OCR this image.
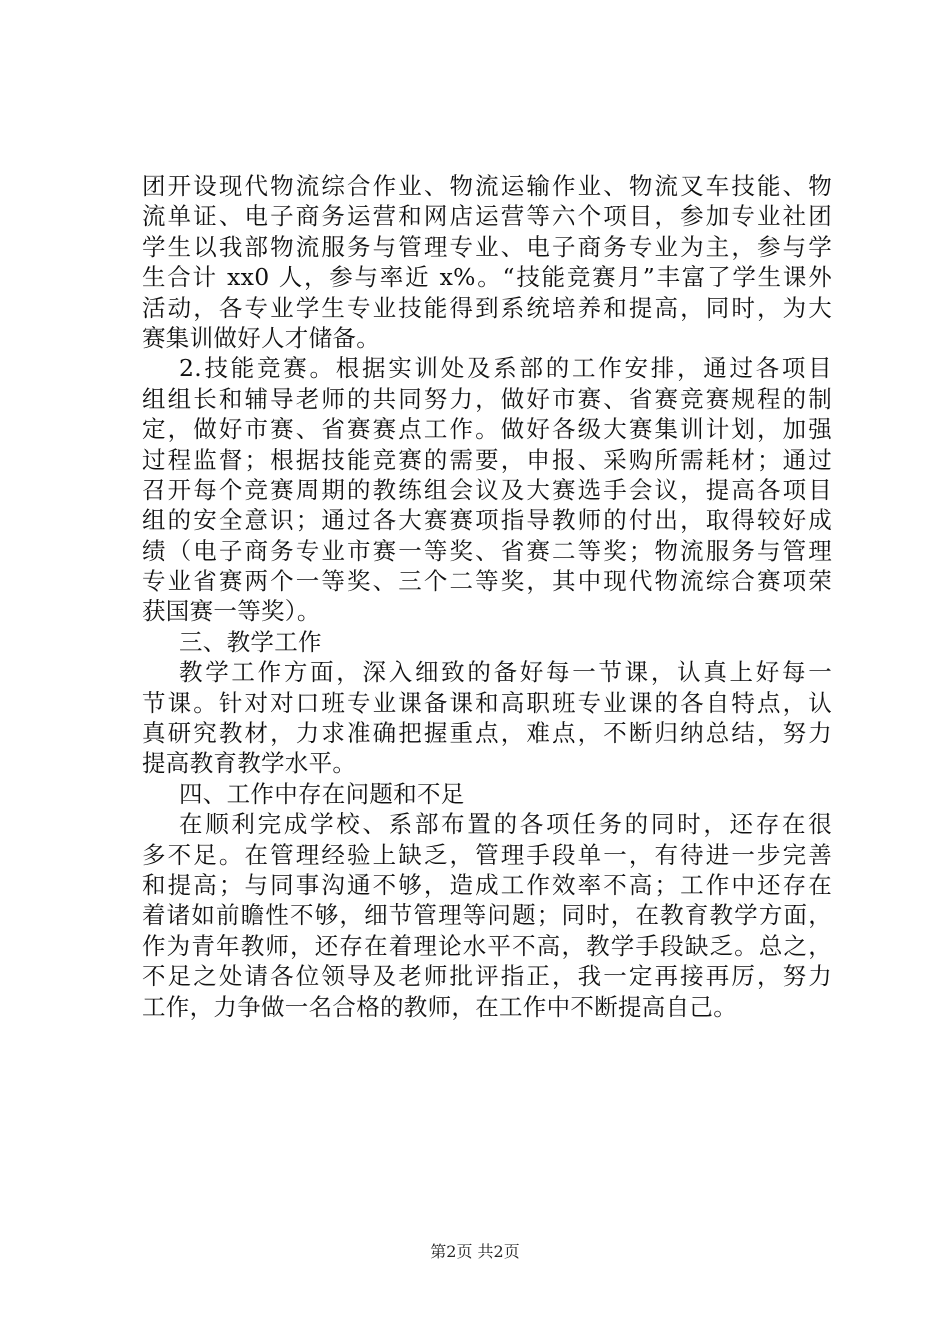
团开设现代物流综合作业、物流运输作业、物流叉车技能、物
流单证、电子商务运营和网店运营等六个项目，参加专业社团
学生以我部物流服务与管理专业、电子商务专业为主，参与学
生合计 xx0 人，参与率近 x%。“技能竞赛月”丰富了学生课外
活动，各专业学生专业技能得到系统培养和提高，同时，为大
赛集训做好人才储备。
2.技能竞赛。根据实训处及系部的工作安排，通过各项目
组组长和辅导老师的共同努力，做好市赛、省赛竞赛规程的制
定，做好市赛、省赛赛点工作。做好各级大赛集训计划，加强
过程监督；根据技能竞赛的需要，申报、采购所需耗材；通过
召开每个竞赛周期的教练组会议及大赛选手会议，提高各项目
组的安全意识；通过各大赛赛项指导教师的付出，取得较好成
绩（电子商务专业市赛一等奖、省赛二等奖；物流服务与管理
专业省赛两个一等奖、三个二等奖，其中现代物流综合赛项荣
获国赛一等奖）。
三、教学工作
教学工作方面，深入细致的备好每一节课，认真上好每一
节课。针对对口班专业课备课和高职班专业课的各自特点，认
真研究教材，力求准确把握重点，难点，不断归纳总结，努力
提高教育教学水平。
四、工作中存在问题和不足
在顺利完成学校、系部布置的各项任务的同时，还存在很
多不足。在管理经验上缺乏，管理手段单一，有待进一步完善
和提高；与同事沟通不够，造成工作效率不高；工作中还存在
着诸如前瞻性不够，细节管理等问题；同时，在教育教学方面，
作为青年教师，还存在着理论水平不高，教学手段缺乏。总之，
不足之处请各位领导及老师批评指正，我一定再接再厉，努力
工作，力争做一名合格的教师，在工作中不断提高自己。
第2页 共2页
